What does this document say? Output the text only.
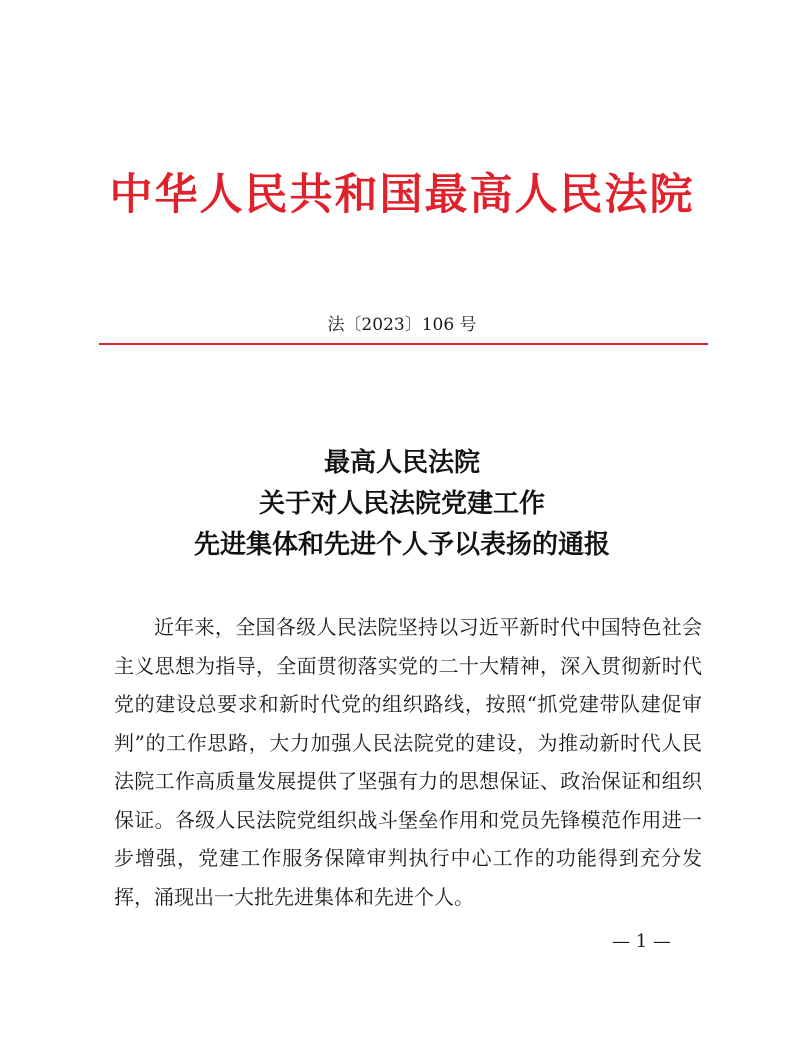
中华人民共和国最高人民法院
法〔2023〕106 号
最高人民法院
关于对人民法院党建工作
先进集体和先进个人予以表扬的通报

近年来，全国各级人民法院坚持以习近平新时代中国特色社会主义思想为指导，全面贯彻落实党的二十大精神，深入贯彻新时代党的建设总要求和新时代党的组织路线，按照“抓党建带队建促审判”的工作思路，大力加强人民法院党的建设，为推动新时代人民法院工作高质量发展提供了坚强有力的思想保证、政治保证和组织保证。各级人民法院党组织战斗堡垒作用和党员先锋模范作用进一步增强，党建工作服务保障审判执行中心工作的功能得到充分发挥，涌现出一大批先进集体和先进个人。

— 1 —
